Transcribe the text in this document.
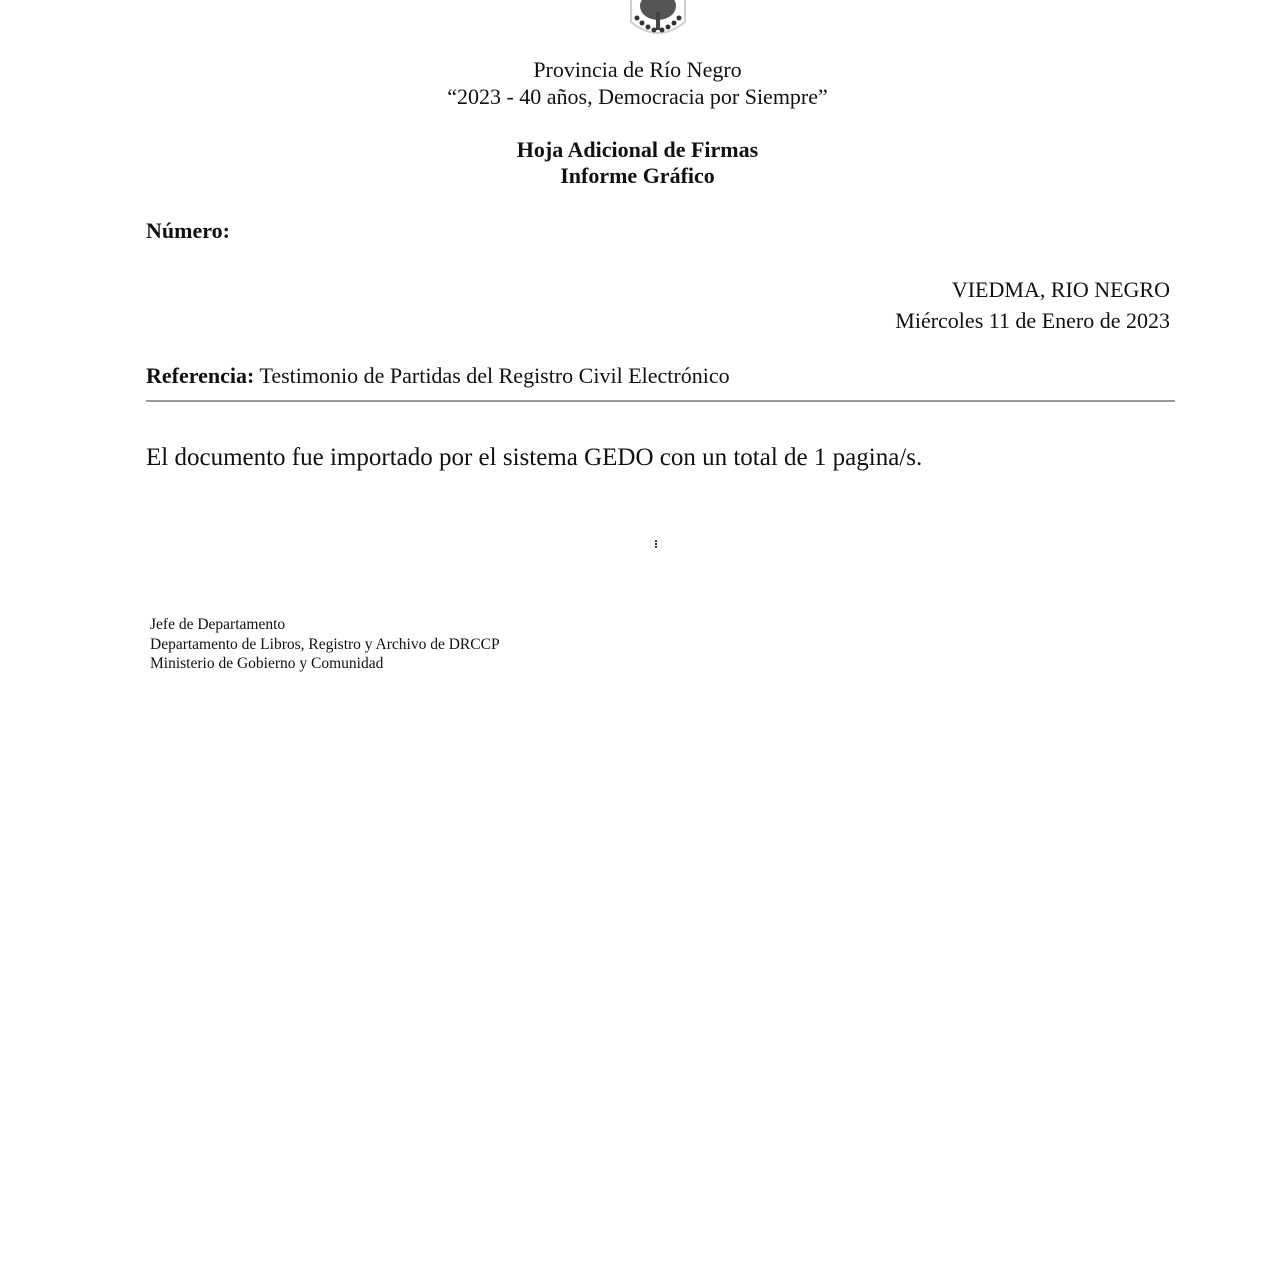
Provincia de Río Negro
“2023 - 40 años, Democracia por Siempre”
Hoja Adicional de Firmas
Informe Gráfico
Número:
VIEDMA, RIO NEGRO
Miércoles 11 de Enero de 2023
Referencia: Testimonio de Partidas del Registro Civil Electrónico
El documento fue importado por el sistema GEDO con un total de 1 pagina/s.
Jefe de Departamento
Departamento de Libros, Registro y Archivo de DRCCP
Ministerio de Gobierno y Comunidad
